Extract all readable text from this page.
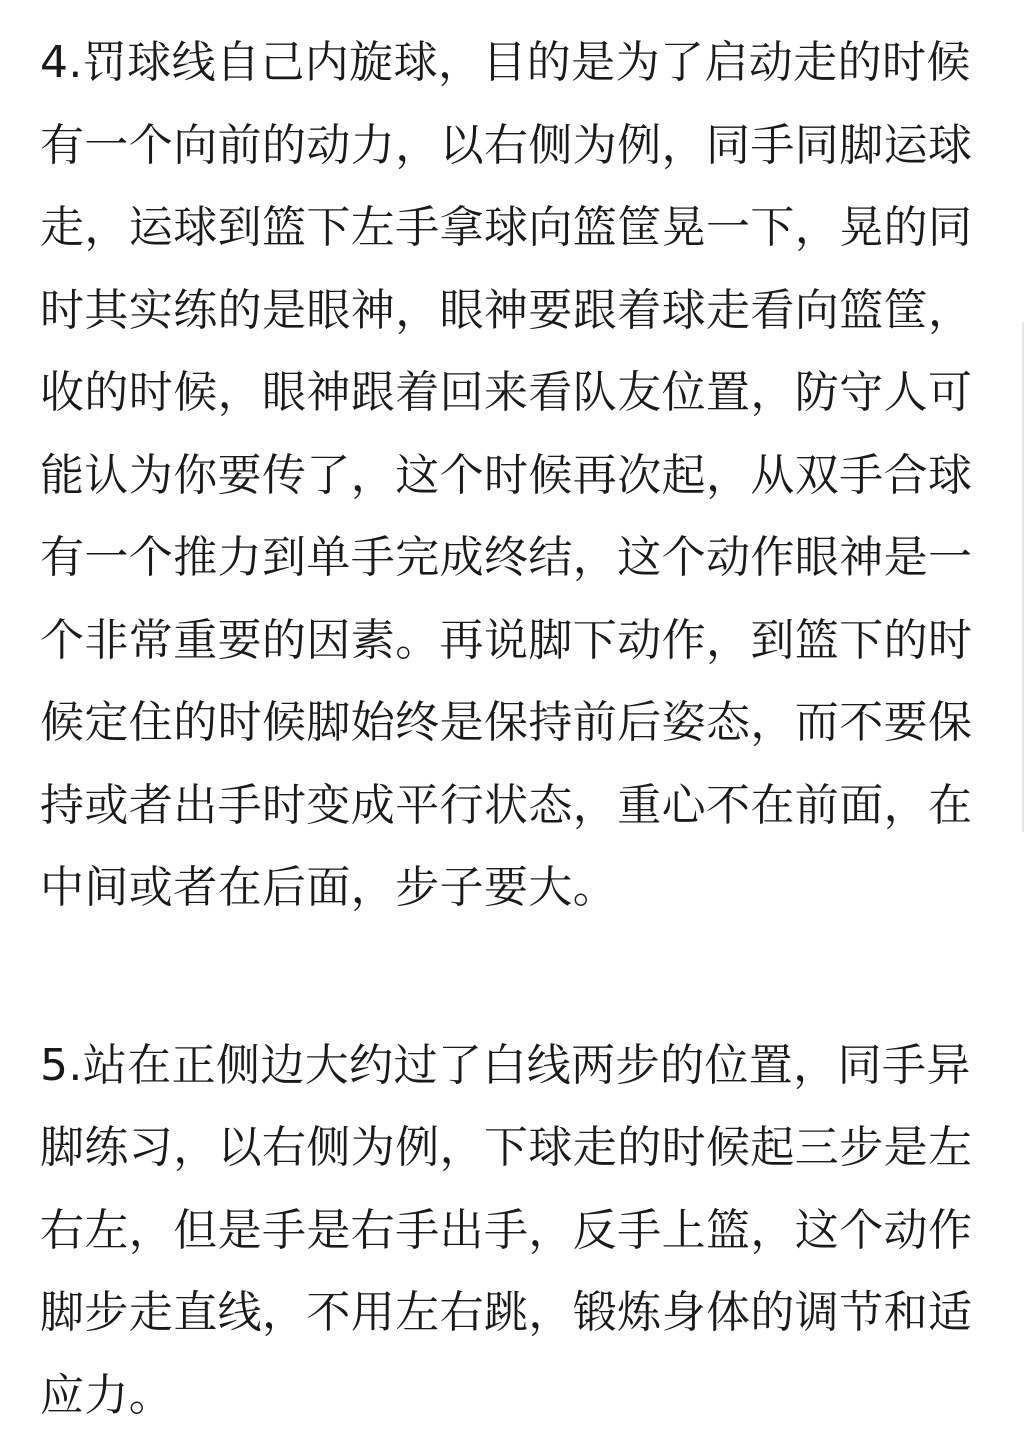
4.罚球线自己内旋球，目的是为了启动走的时候
有一个向前的动力，以右侧为例，同手同脚运球
走，运球到篮下左手拿球向篮筐晃一下，晃的同
时其实练的是眼神，眼神要跟着球走看向篮筐，
收的时候，眼神跟着回来看队友位置，防守人可
能认为你要传了，这个时候再次起，从双手合球
有一个推力到单手完成终结，这个动作眼神是一
个非常重要的因素。再说脚下动作，到篮下的时
候定住的时候脚始终是保持前后姿态，而不要保
持或者出手时变成平行状态，重心不在前面，在
中间或者在后面，步子要大。
5.站在正侧边大约过了白线两步的位置，同手异
脚练习，以右侧为例，下球走的时候起三步是左
右左，但是手是右手出手，反手上篮，这个动作
脚步走直线，不用左右跳，锻炼身体的调节和适
应力。
